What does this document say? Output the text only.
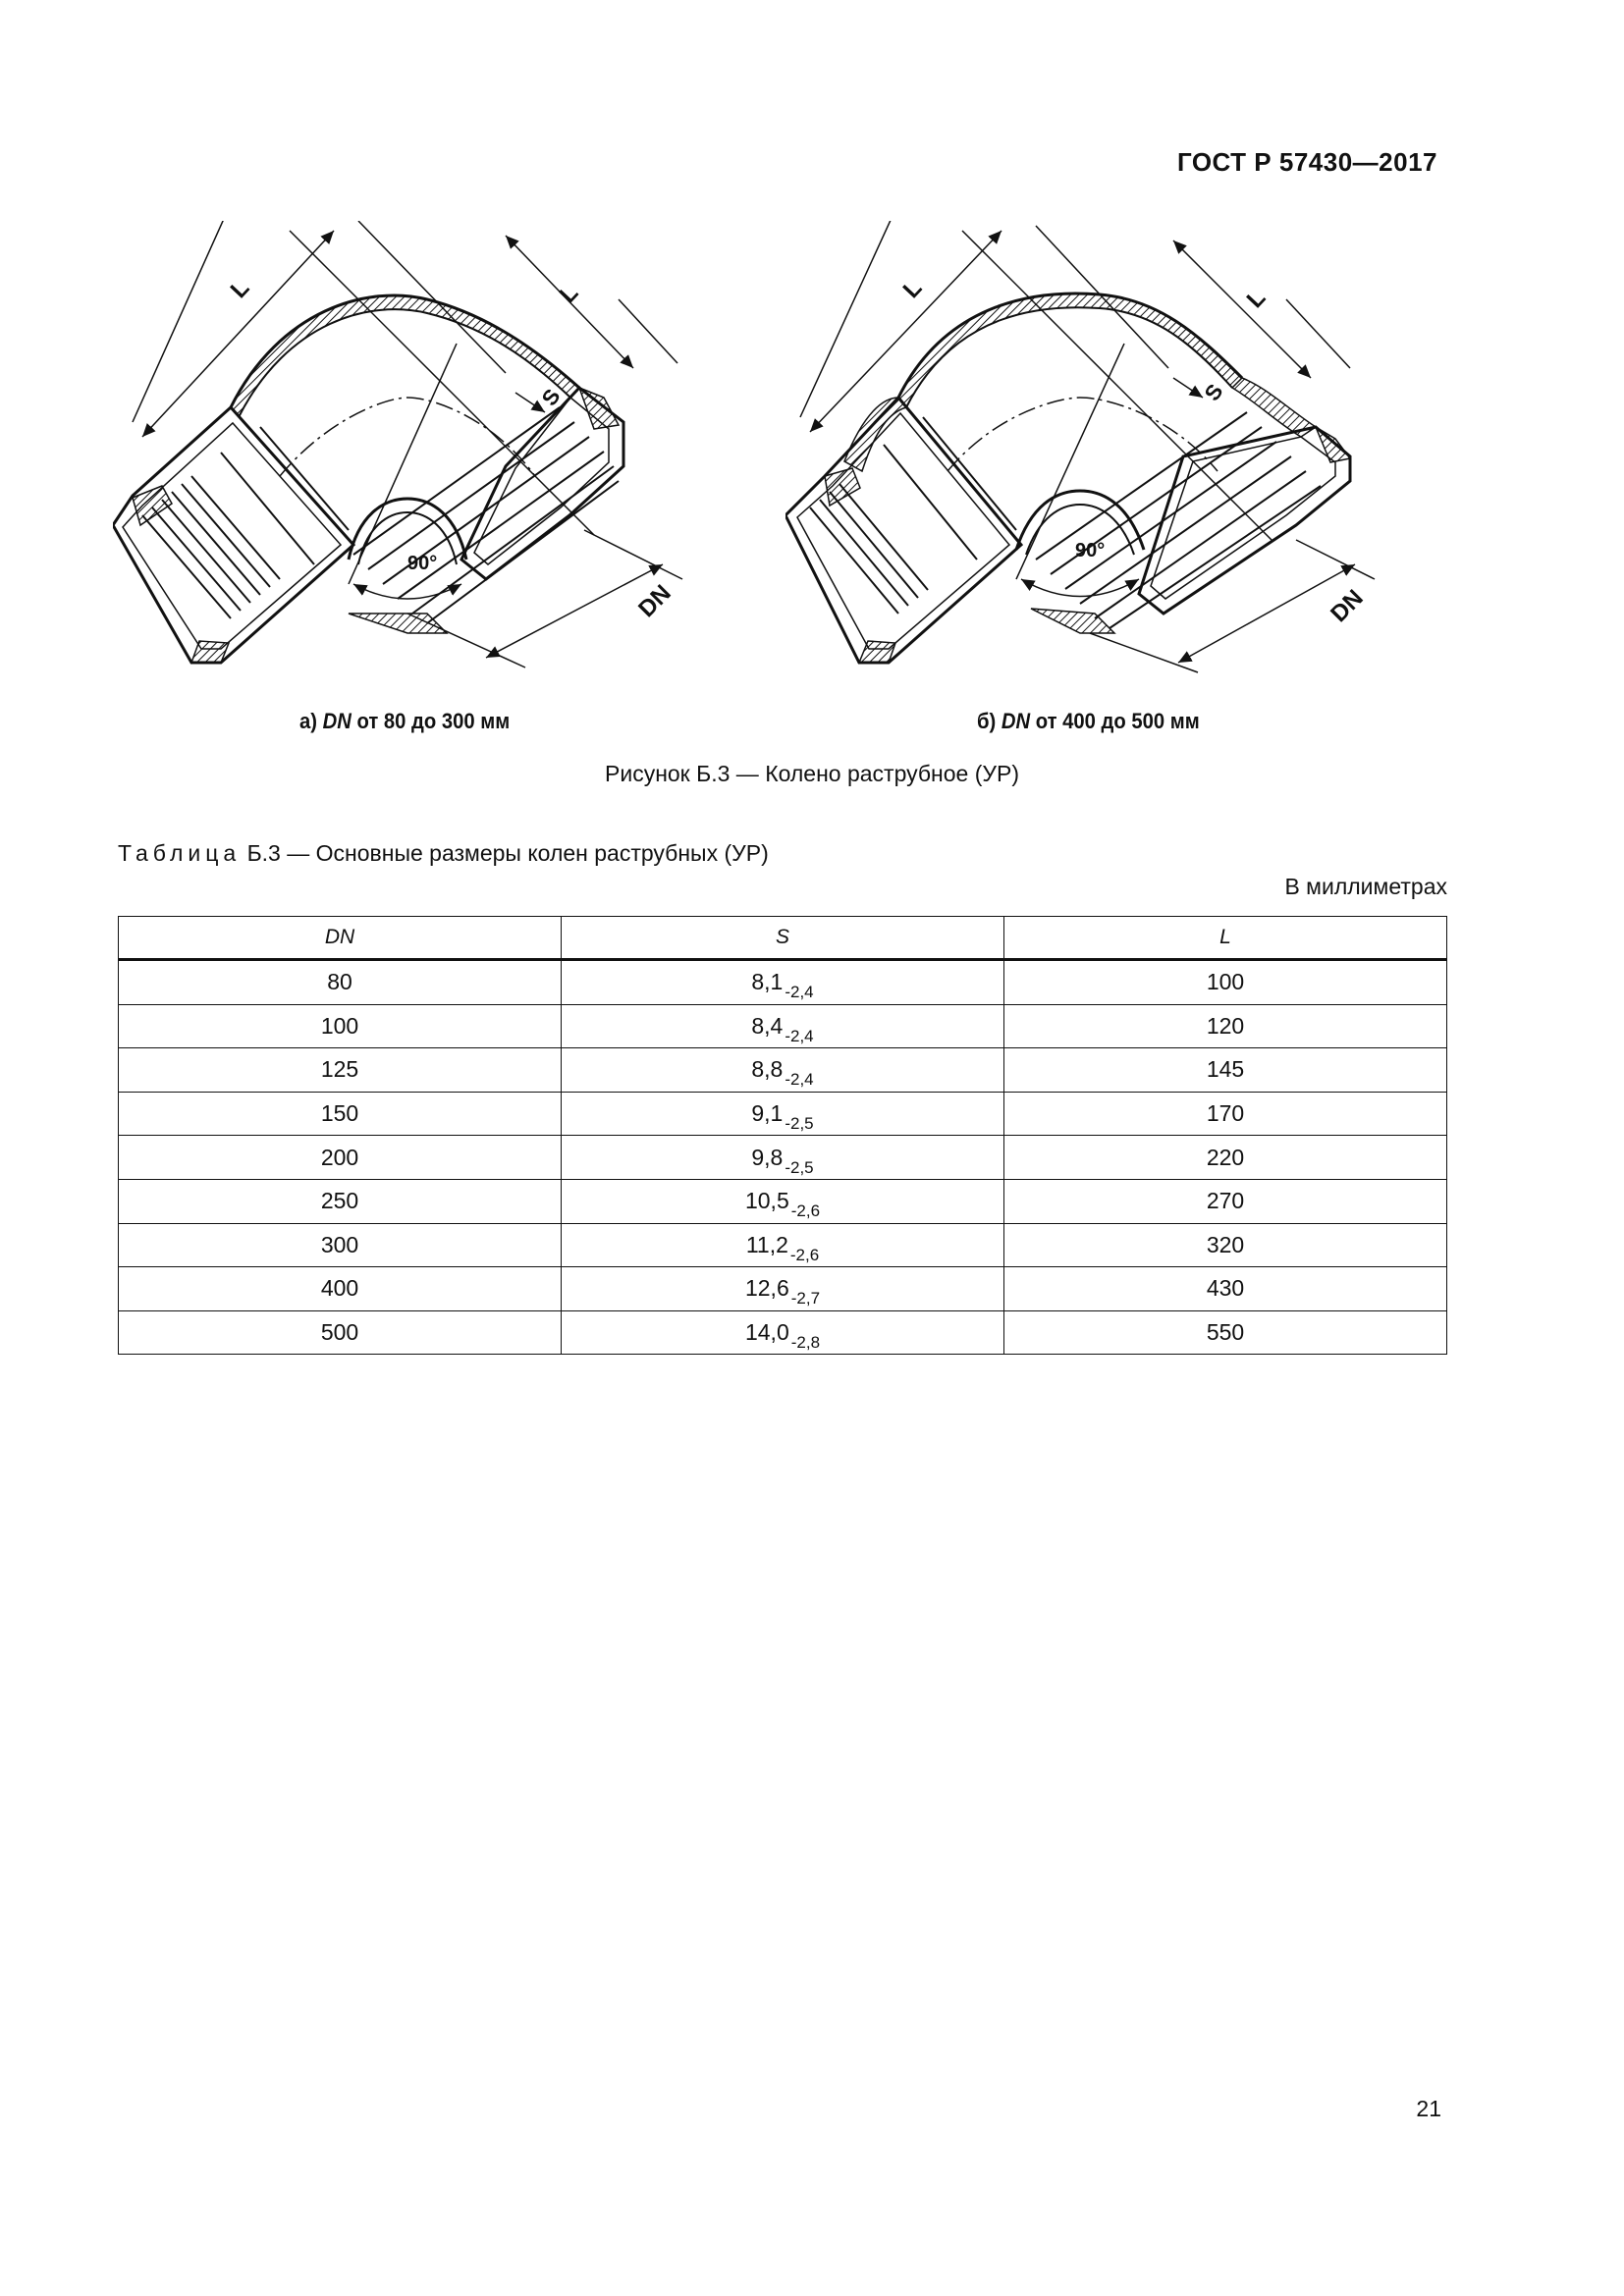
ГОСТ Р 57430—2017
L	L
S
90°
DN
L	L
S
90°
DN
а) DN от 80 до 300 мм	б) DN от 400 до 500 мм
Рисунок Б.3 — Колено раструбное (УР)
Таблица Б.3 — Основные размеры колен раструбных (УР)
В миллиметрах
DN	S	L
80	8,1 $_{-2,4}$	100
100	8,4 $_{-2,4}$	120
125	8,8 $_{-2,4}$	145
150	9,1 $_{-2,5}$	170
200	9,8 $_{-2,5}$	220
250	10,5 $_{-2,6}$	270
300	11,2 $_{-2,6}$	320
400	12,6 $_{-2,7}$	430
500	14,0 $_{-2,8}$	550
21
